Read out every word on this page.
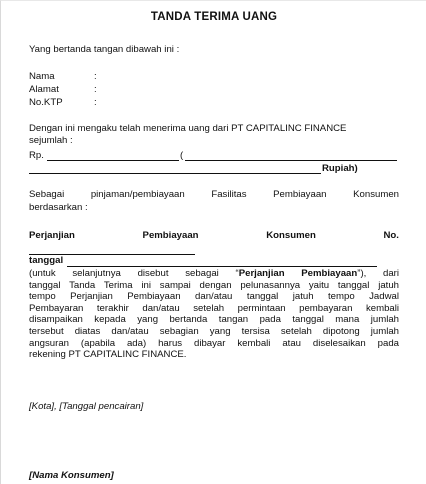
TANDA TERIMA UANG
Yang bertanda tangan dibawah ini :
Nama	:
Alamat	:
No.KTP	:
Dengan ini mengaku telah menerima uang dari PT CAPITALINC FINANCE
sejumlah :
Rp.	(
Rupiah)
Sebagai	pinjaman/pembiayaan	Fasilitas	Pembiayaan	Konsumen
berdasarkan :
Perjanjian	Pembiayaan	Konsumen	No.
tanggal
(untuk selanjutnya disebut sebagai “Perjanjian Pembiayaan”), dari
tanggal Tanda Terima ini sampai dengan pelunasannya yaitu tanggal jatuh
tempo Perjanjian Pembiayaan dan/atau tanggal jatuh tempo Jadwal
Pembayaran terakhir dan/atau setelah permintaan pembayaran kembali
disampaikan kepada yang bertanda tangan pada tanggal mana jumlah
tersebut diatas dan/atau sebagian yang tersisa setelah dipotong jumlah
angsuran (apabila ada) harus dibayar kembali atau diselesaikan pada
rekening PT CAPITALINC FINANCE.
[Kota], [Tanggal pencairan]
[Nama Konsumen]
